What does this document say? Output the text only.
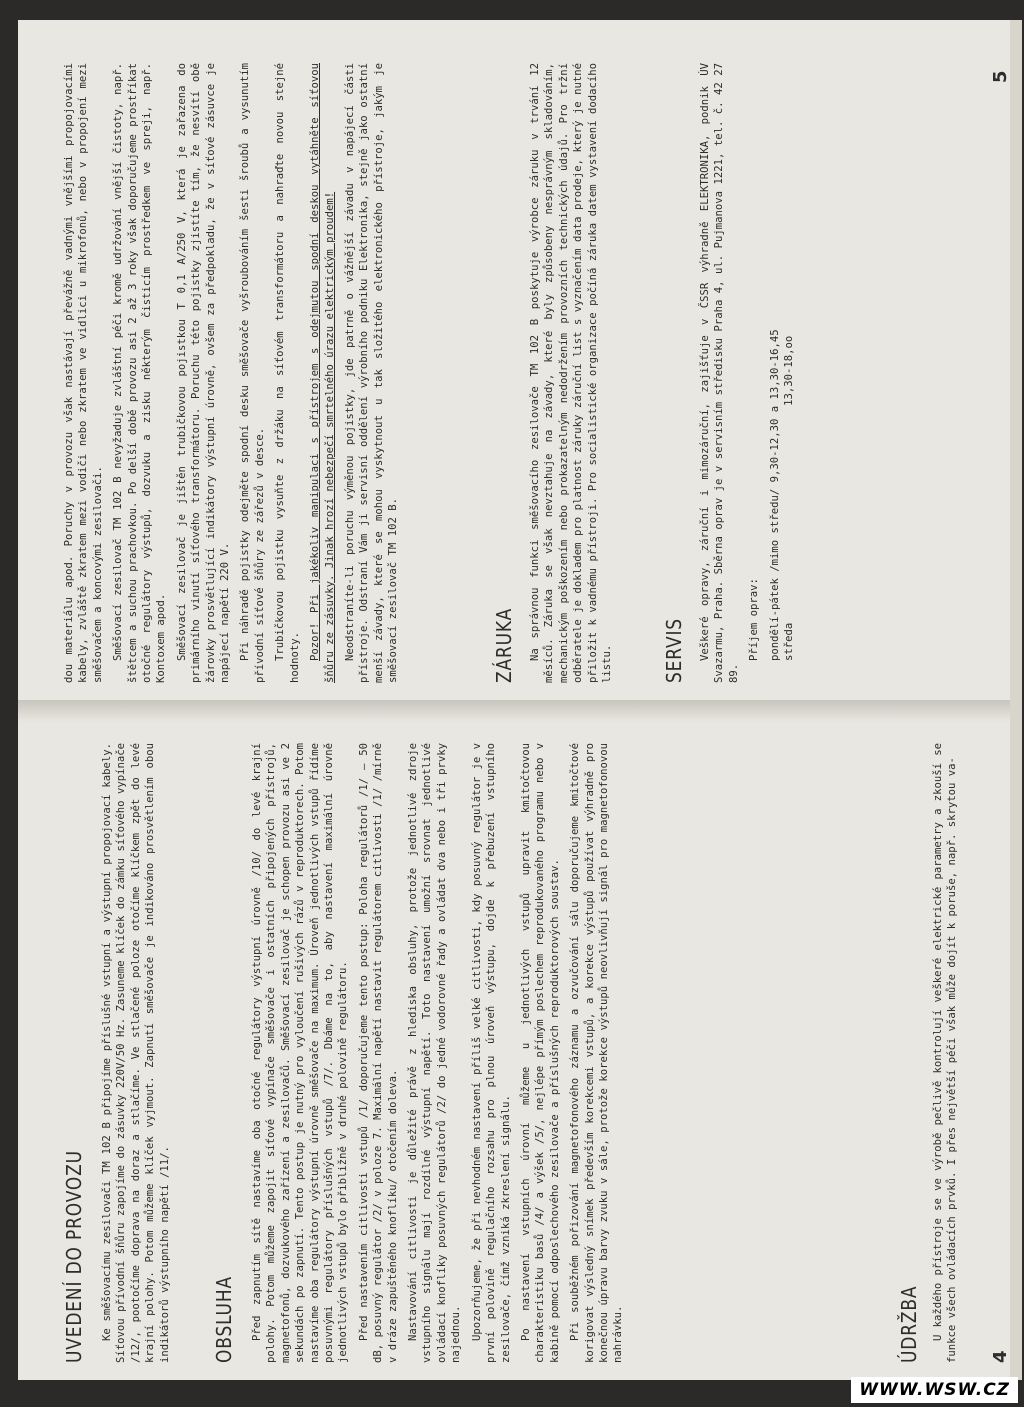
UVEDENÍ DO PROVOZU Ke směšovacímu zesilovači TM 102 B připojíme příslušné vstupní a výstupní propojovací kabely. Síťovou přívodní šňůru zapojíme do zásuvky 220V/50 Hz. Zasuneme klíček do zámku síťového vypínače /12/, pootočíme doprava na doraz a stlačíme. Ve stlačené poloze otočíme klíčkem zpět do levé krajní polohy. Potom můžeme klíček vyjmout. Zapnutí směšovače je indikováno prosvětlením obou indikátorů výstupního napětí /11/. OBSLUHA Před zapnutím sítě nastavíme oba otočné regulátory výstupní úrovně /10/ do levé krajní polohy. Potom můžeme zapojit síťové vypínače směšovače i ostatních připojených přístrojů, magnetofonů, dozvukového zařízení a zesilovačů. Směšovací zesilovač je schopen provozu asi ve 2 sekundách po zapnutí. Tento postup je nutný pro vyloučení rušivých rázů v reproduktorech. Potom nastavíme oba regulátory výstupní úrovně směšovače na maximum. Úroveň jednotlivých vstupů řídíme posuvnými regulátory příslušných vstupů /7/. Dbáme na to, aby nastavení maximální úrovně jednotlivých vstupů bylo přibližně v druhé polovině regulátoru. Před nastavením citlivosti vstupů /1/ doporučujeme tento postup: Poloha regulátorů /1/ – 50 dB, posuvný regulátor /2/ v poloze 7. Maximální napětí nastavit regulátorem citlivosti /1/ /mírně v dráze zapuštěného knoflíku/ otočením doleva. Nastavování citlivosti je důležité právě z hlediska obsluhy, protože jednotlivé zdroje vstupního signálu mají rozdílné výstupní napětí. Toto nastavení umožní srovnat jednotlivé ovládací knoflíky posuvných regulátorů /2/ do jedné vodorovné řady a ovládat dva nebo i tři prvky najednou. Upozorňujeme, že při nevhodném nastavení příliš velké citlivosti, kdy posuvný regulátor je v první polovině regulačního rozsahu pro plnou úroveň výstupu, dojde k přebuzení vstupního zesilovače, čímž vzniká zkreslení signálu. Po nastavení vstupních úrovní můžeme u jednotlivých vstupů upravit kmitočtovou charakteristiku basů /4/ a výšek /5/, nejlépe přímým poslechem reprodukovaného programu nebo v kabině pomocí odposlechového zesilovače a příslušných reproduktorových soustav. Při souběžném pořizování magnetofonového záznamu a ozvučování sálu doporučujeme kmitočtové korigovat výsledný snímek především korekcemi vstupů, a korekce výstupů používat výhradně pro konečnou úpravu barvy zvuku v sále, protože korekce výstupů neovlivňují signál pro magnetofonovou nahrávku.	ÚDRŽBA U každého přístroje se ve výrobě pečlivě kontrolují veškeré elektrické parametry a zkouší se funkce všech ovládacích prvků. I přes největší péči však může dojít k poruše, např. skrytou va- 4

dou materiálu apod. Poruchy v provozu však nastávají převážně vadnými vnějšími propojovacími kabely, zvláště zkratem mezi vodiči nebo zkratem ve vidlici u mikrofonů, nebo v propojení mezi směšovačem a koncovými zesilovači. Směšovací zesilovač TM 102 B nevyžaduje zvláštní péči kromě udržování vnější čistoty, např. štětcem a suchou prachovkou. Po delší době provozu asi 2 až 3 roky však doporučujeme prostříkat otočné regulátory výstupů, dozvuku a zisku některým čisticím prostředkem ve spreji, např. Kontoxem apod. Směšovací zesilovač je jištěn trubičkovou pojistkou T 0,1 A/250 V, která je zařazena do primárního vinutí síťového transformátoru. Poruchu této pojistky zjistíte tím, že nesvítí obě žárovky prosvětlující indikátory výstupní úrovně, ovšem za předpokladu, že v síťové zásuvce je napájecí napětí 220 V. Při náhradě pojistky odejměte spodní desku směšovače vyšroubováním šesti šroubů a vysunutím přívodní síťové šňůry ze zářezů v desce. Trubičkovou pojistku vysuňte z držáku na síťovém transformátoru a nahraďte novou stejné hodnoty. Pozor! Při jakékoliv manipulaci s přístrojem s odejmutou spodní deskou vytáhněte síťovou šňůru ze zásuvky. Jinak hrozí nebezpečí smrtelného úrazu elektrickým proudem! Neodstraníte-li poruchu výměnou pojistky, jde patrně o vážnější závadu v napájecí části přístroje. Odstraní Vám ji servisní oddělení výrobního podniku Elektronika, stejně jako ostatní menší závady, které se mohou vyskytnout u tak složitého elektronického přístroje, jakým je směšovací zesilovač TM 102 B.	ZÁRUKA Na správnou funkci směšovacího zesilovače TM 102 B poskytuje výrobce záruku v trvání 12 měsíců. Záruka se však nevztahuje na závady, které byly způsobeny nesprávným skladováním, mechanickým poškozením nebo prokazatelným nedodržením provozních technických údajů. Pro tržní odběratele je dokladem pro platnost záruky záruční list s vyznačením data prodeje, který je nutné přiložit k vadnému přístroji. Pro socialistické organizace počíná záruka datem vystavení dodacího listu. SERVIS Veškeré opravy, záruční i mimozáruční, zajišťuje v ČSSR výhradně ELEKTRONIKA, podnik ÚV Svazarmu, Praha. Sběrna oprav je v servisním středisku Praha 4, ul. Pujmanova 1221, tel. č. 42 27 89.

Příjem oprav: pondělí-pátek /mimo středu/ 9,30-12,30 a 13,30-16,45 středa                                  13,30-18,oo
5
WWW.WSW.CZ
